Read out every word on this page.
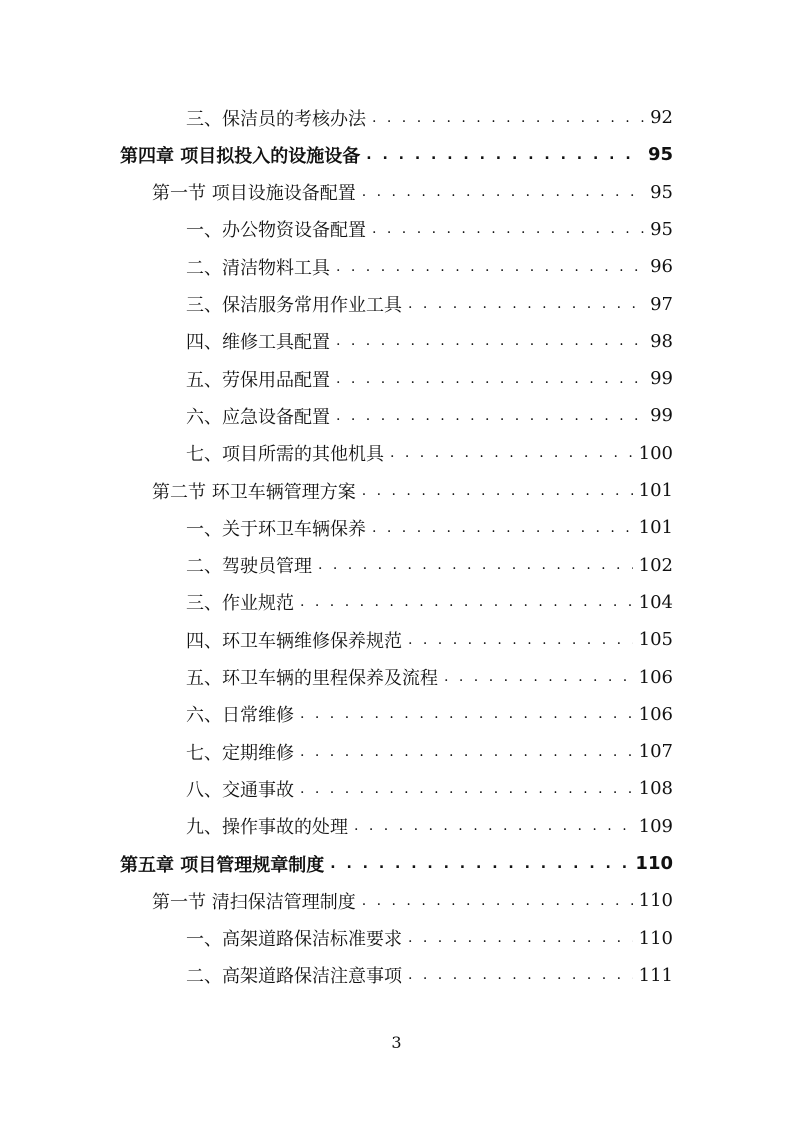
三、保洁员的考核办法 . . .	92
第四章 项目拟投入的设施设备 . . .	95
第一节 项目设施设备配置 . . .	95
一、办公物资设备配置 . . .	95
二、清洁物料工具 . . .	96
三、保洁服务常用作业工具 . . .	97
四、维修工具配置 . . .	98
五、劳保用品配置 . . .	99
六、应急设备配置 . . .	99
七、项目所需的其他机具 . . .	100
第二节 环卫车辆管理方案 . . .	101
一、关于环卫车辆保养 . . .	101
二、驾驶员管理 . . .	102
三、作业规范 . . .	104
四、环卫车辆维修保养规范 . . .	105
五、环卫车辆的里程保养及流程 . . .	106
六、日常维修 . . .	106
七、定期维修 . . .	107
八、交通事故 . . .	108
九、操作事故的处理 . . .	109
第五章 项目管理规章制度 . . .	110
第一节 清扫保洁管理制度 . . .	110
一、高架道路保洁标准要求 . . .	110
二、高架道路保洁注意事项 . . .	111
3
